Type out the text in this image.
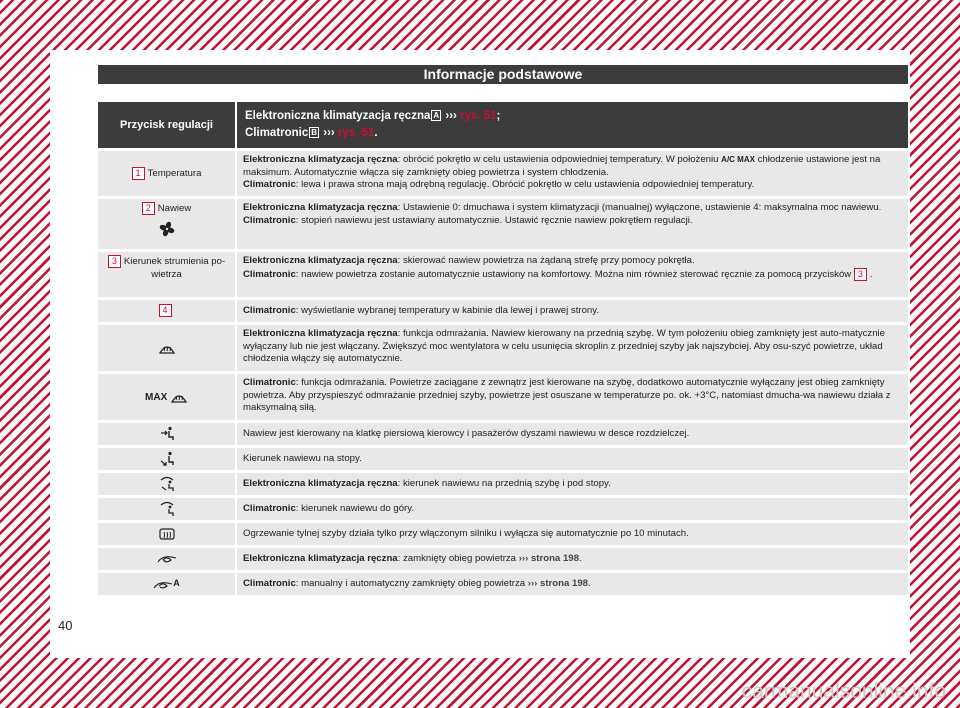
Informacje podstawowe
Przycisk regulacji	Elektroniczna klimatyzacja ręczna A ››› rys. 51;
Climatronic B ››› rys. 51.
1 Temperatura	Elektroniczna klimatyzacja ręczna: obrócić pokrętło w celu ustawienia odpowiedniej temperatury. W położeniu A/C MAX chłodzenie ustawione jest na maksimum. Automatycznie włącza się zamknięty obieg powietrza i system chłodzenia.
Climatronic: lewa i prawa strona mają odrębną regulację. Obrócić pokrętło w celu ustawienia odpowiedniej temperatury.
2 Nawiew	Elektroniczna klimatyzacja ręczna: Ustawienie 0: dmuchawa i system klimatyzacji (manualnej) wyłączone, ustawienie 4: maksymalna moc nawiewu.
Climatronic: stopień nawiewu jest ustawiany automatycznie. Ustawić ręcznie nawiew pokrętłem regulacji.
3 Kierunek strumienia po-wietrza	Elektroniczna klimatyzacja ręczna: skierować nawiew powietrza na żądaną strefę przy pomocy pokrętła.
Climatronic: nawiew powietrza zostanie automatycznie ustawiony na komfortowy. Można nim również sterować ręcznie za pomocą przycisków 3 .
4	Climatronic: wyświetlanie wybranej temperatury w kabinie dla lewej i prawej strony.
	Elektroniczna klimatyzacja ręczna: funkcja odmrażania. Nawiew kierowany na przednią szybę. W tym położeniu obieg zamknięty jest auto-matycznie wyłączany lub nie jest włączany. Zwiększyć moc wentylatora w celu usunięcia skroplin z przedniej szyby jak najszybciej. Aby osu-szyć powietrze, układ chłodzenia włączy się automatycznie.
MAX	Climatronic: funkcja odmrażania. Powietrze zaciągane z zewnątrz jest kierowane na szybę, dodatkowo automatycznie wyłączany jest obieg zamknięty powietrza. Aby przyspieszyć odmrażanie przedniej szyby, powietrze jest osuszane w temperaturze po. ok. +3°C, natomiast dmucha-wa nawiewu działa z maksymalną siłą.
	Nawiew jest kierowany na klatkę piersiową kierowcy i pasażerów dyszami nawiewu w desce rozdzielczej.
	Kierunek nawiewu na stopy.
	Elektroniczna klimatyzacja ręczna: kierunek nawiewu na przednią szybę i pod stopy.
	Climatronic: kierunek nawiewu do góry.
	Ogrzewanie tylnej szyby działa tylko przy włączonym silniku i wyłącza się automatycznie po 10 minutach.
	Elektroniczna klimatyzacja ręczna: zamknięty obieg powietrza ››› strona 198.
A	Climatronic: manualny i automatyczny zamknięty obieg powietrza ››› strona 198.
40
carmanualsonline.info
